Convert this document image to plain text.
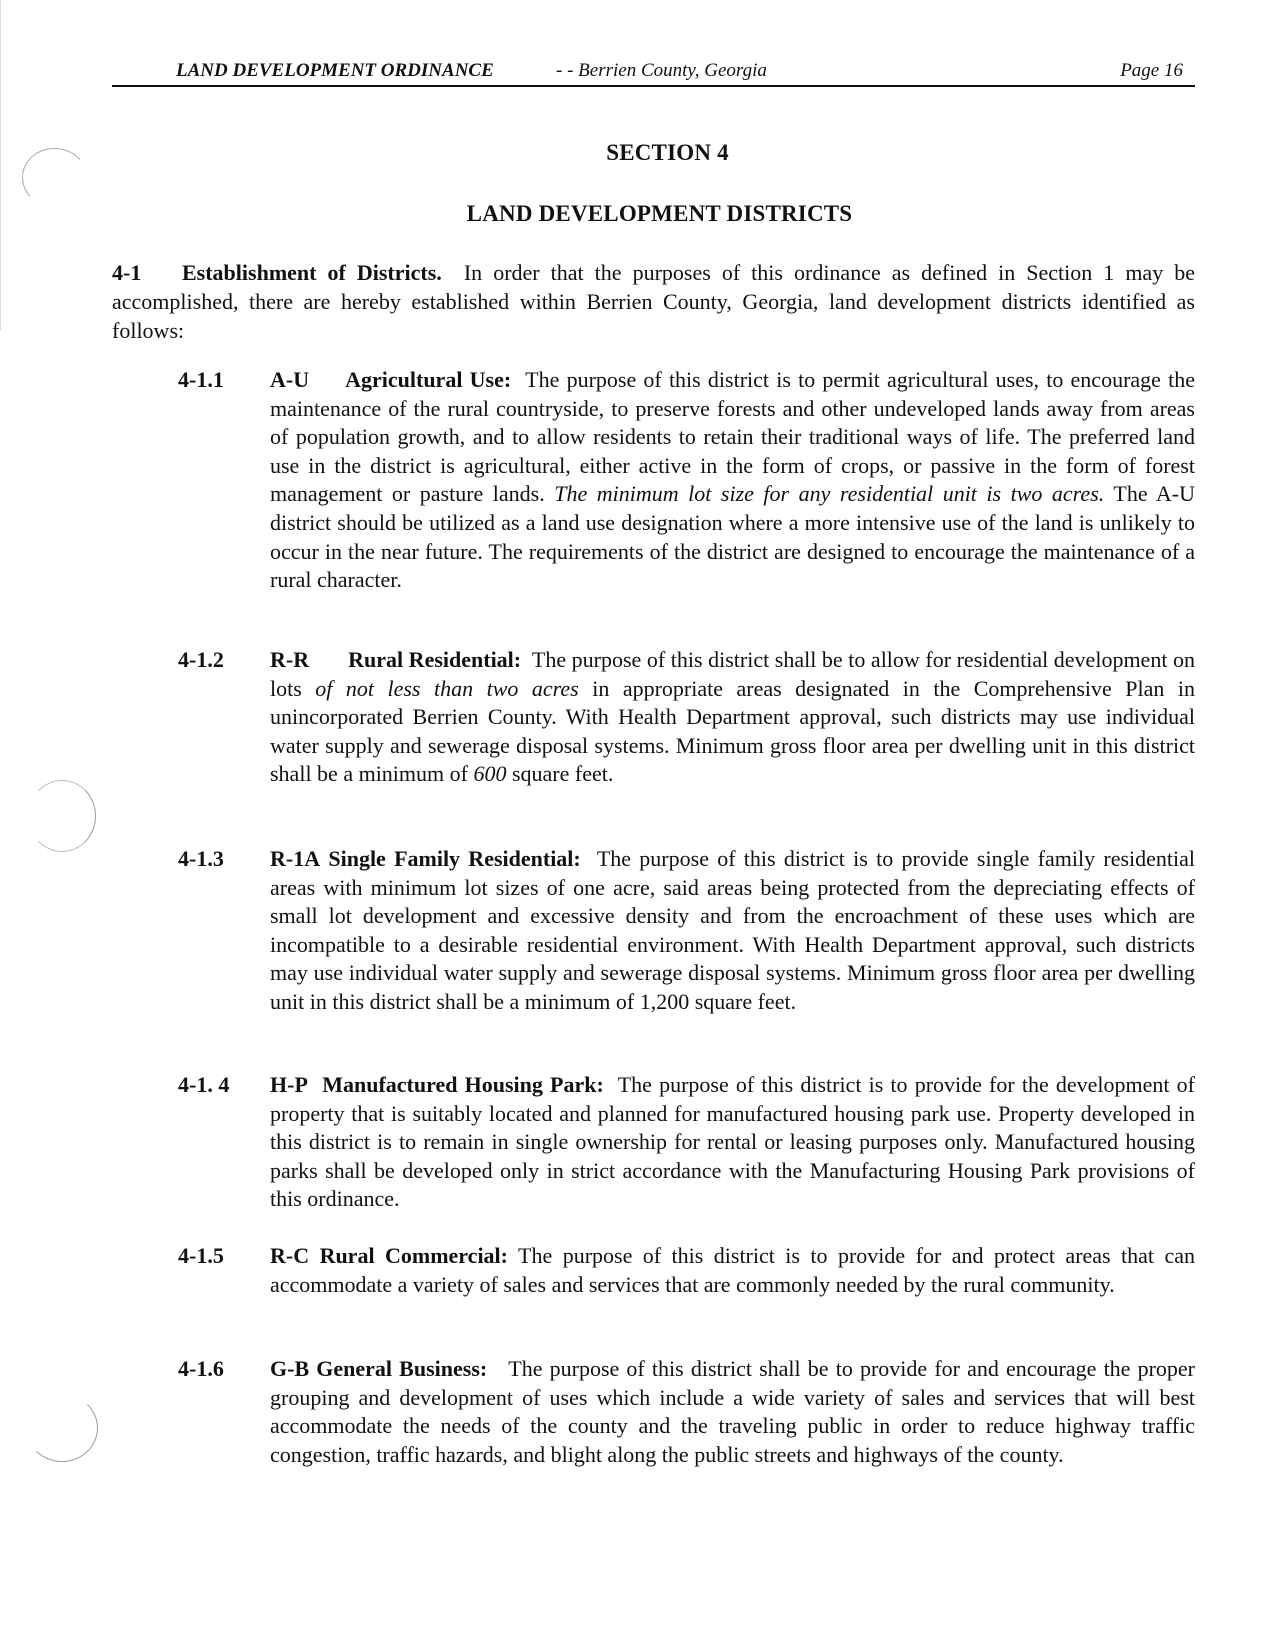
LAND DEVELOPMENT ORDINANCE	- - Berrien County, Georgia	Page 16
SECTION 4
LAND DEVELOPMENT DISTRICTS

4-1 Establishment of Districts. In order that the purposes of this ordinance as defined in Section 1 may be accomplished, there are hereby established within Berrien County, Georgia, land development districts identified as follows:

4-1.1	A-U Agricultural Use: The purpose of this district is to permit agricultural uses, to encourage the maintenance of the rural countryside, to preserve forests and other undeveloped lands away from areas of population growth, and to allow residents to retain their traditional ways of life. The preferred land use in the district is agricultural, either active in the form of crops, or passive in the form of forest management or pasture lands. The minimum lot size for any residential unit is two acres. The A-U district should be utilized as a land use designation where a more intensive use of the land is unlikely to occur in the near future. The requirements of the district are designed to encourage the maintenance of a rural character.

4-1.2	R-R Rural Residential: The purpose of this district shall be to allow for residential development on lots of not less than two acres in appropriate areas designated in the Comprehensive Plan in unincorporated Berrien County. With Health Department approval, such districts may use individual water supply and sewerage disposal systems. Minimum gross floor area per dwelling unit in this district shall be a minimum of 600 square feet.

4-1.3	R-1A Single Family Residential: The purpose of this district is to provide single family residential areas with minimum lot sizes of one acre, said areas being protected from the depreciating effects of small lot development and excessive density and from the encroachment of these uses which are incompatible to a desirable residential environment. With Health Department approval, such districts may use individual water supply and sewerage disposal systems. Minimum gross floor area per dwelling unit in this district shall be a minimum of 1,200 square feet.

4-1. 4	H-P Manufactured Housing Park: The purpose of this district is to provide for the development of property that is suitably located and planned for manufactured housing park use. Property developed in this district is to remain in single ownership for rental or leasing purposes only. Manufactured housing parks shall be developed only in strict accordance with the Manufacturing Housing Park provisions of this ordinance.

4-1.5	R-C Rural Commercial: The purpose of this district is to provide for and protect areas that can accommodate a variety of sales and services that are commonly needed by the rural community.

4-1.6	G-B General Business: The purpose of this district shall be to provide for and encourage the proper grouping and development of uses which include a wide variety of sales and services that will best accommodate the needs of the county and the traveling public in order to reduce highway traffic congestion, traffic hazards, and blight along the public streets and highways of the county.
